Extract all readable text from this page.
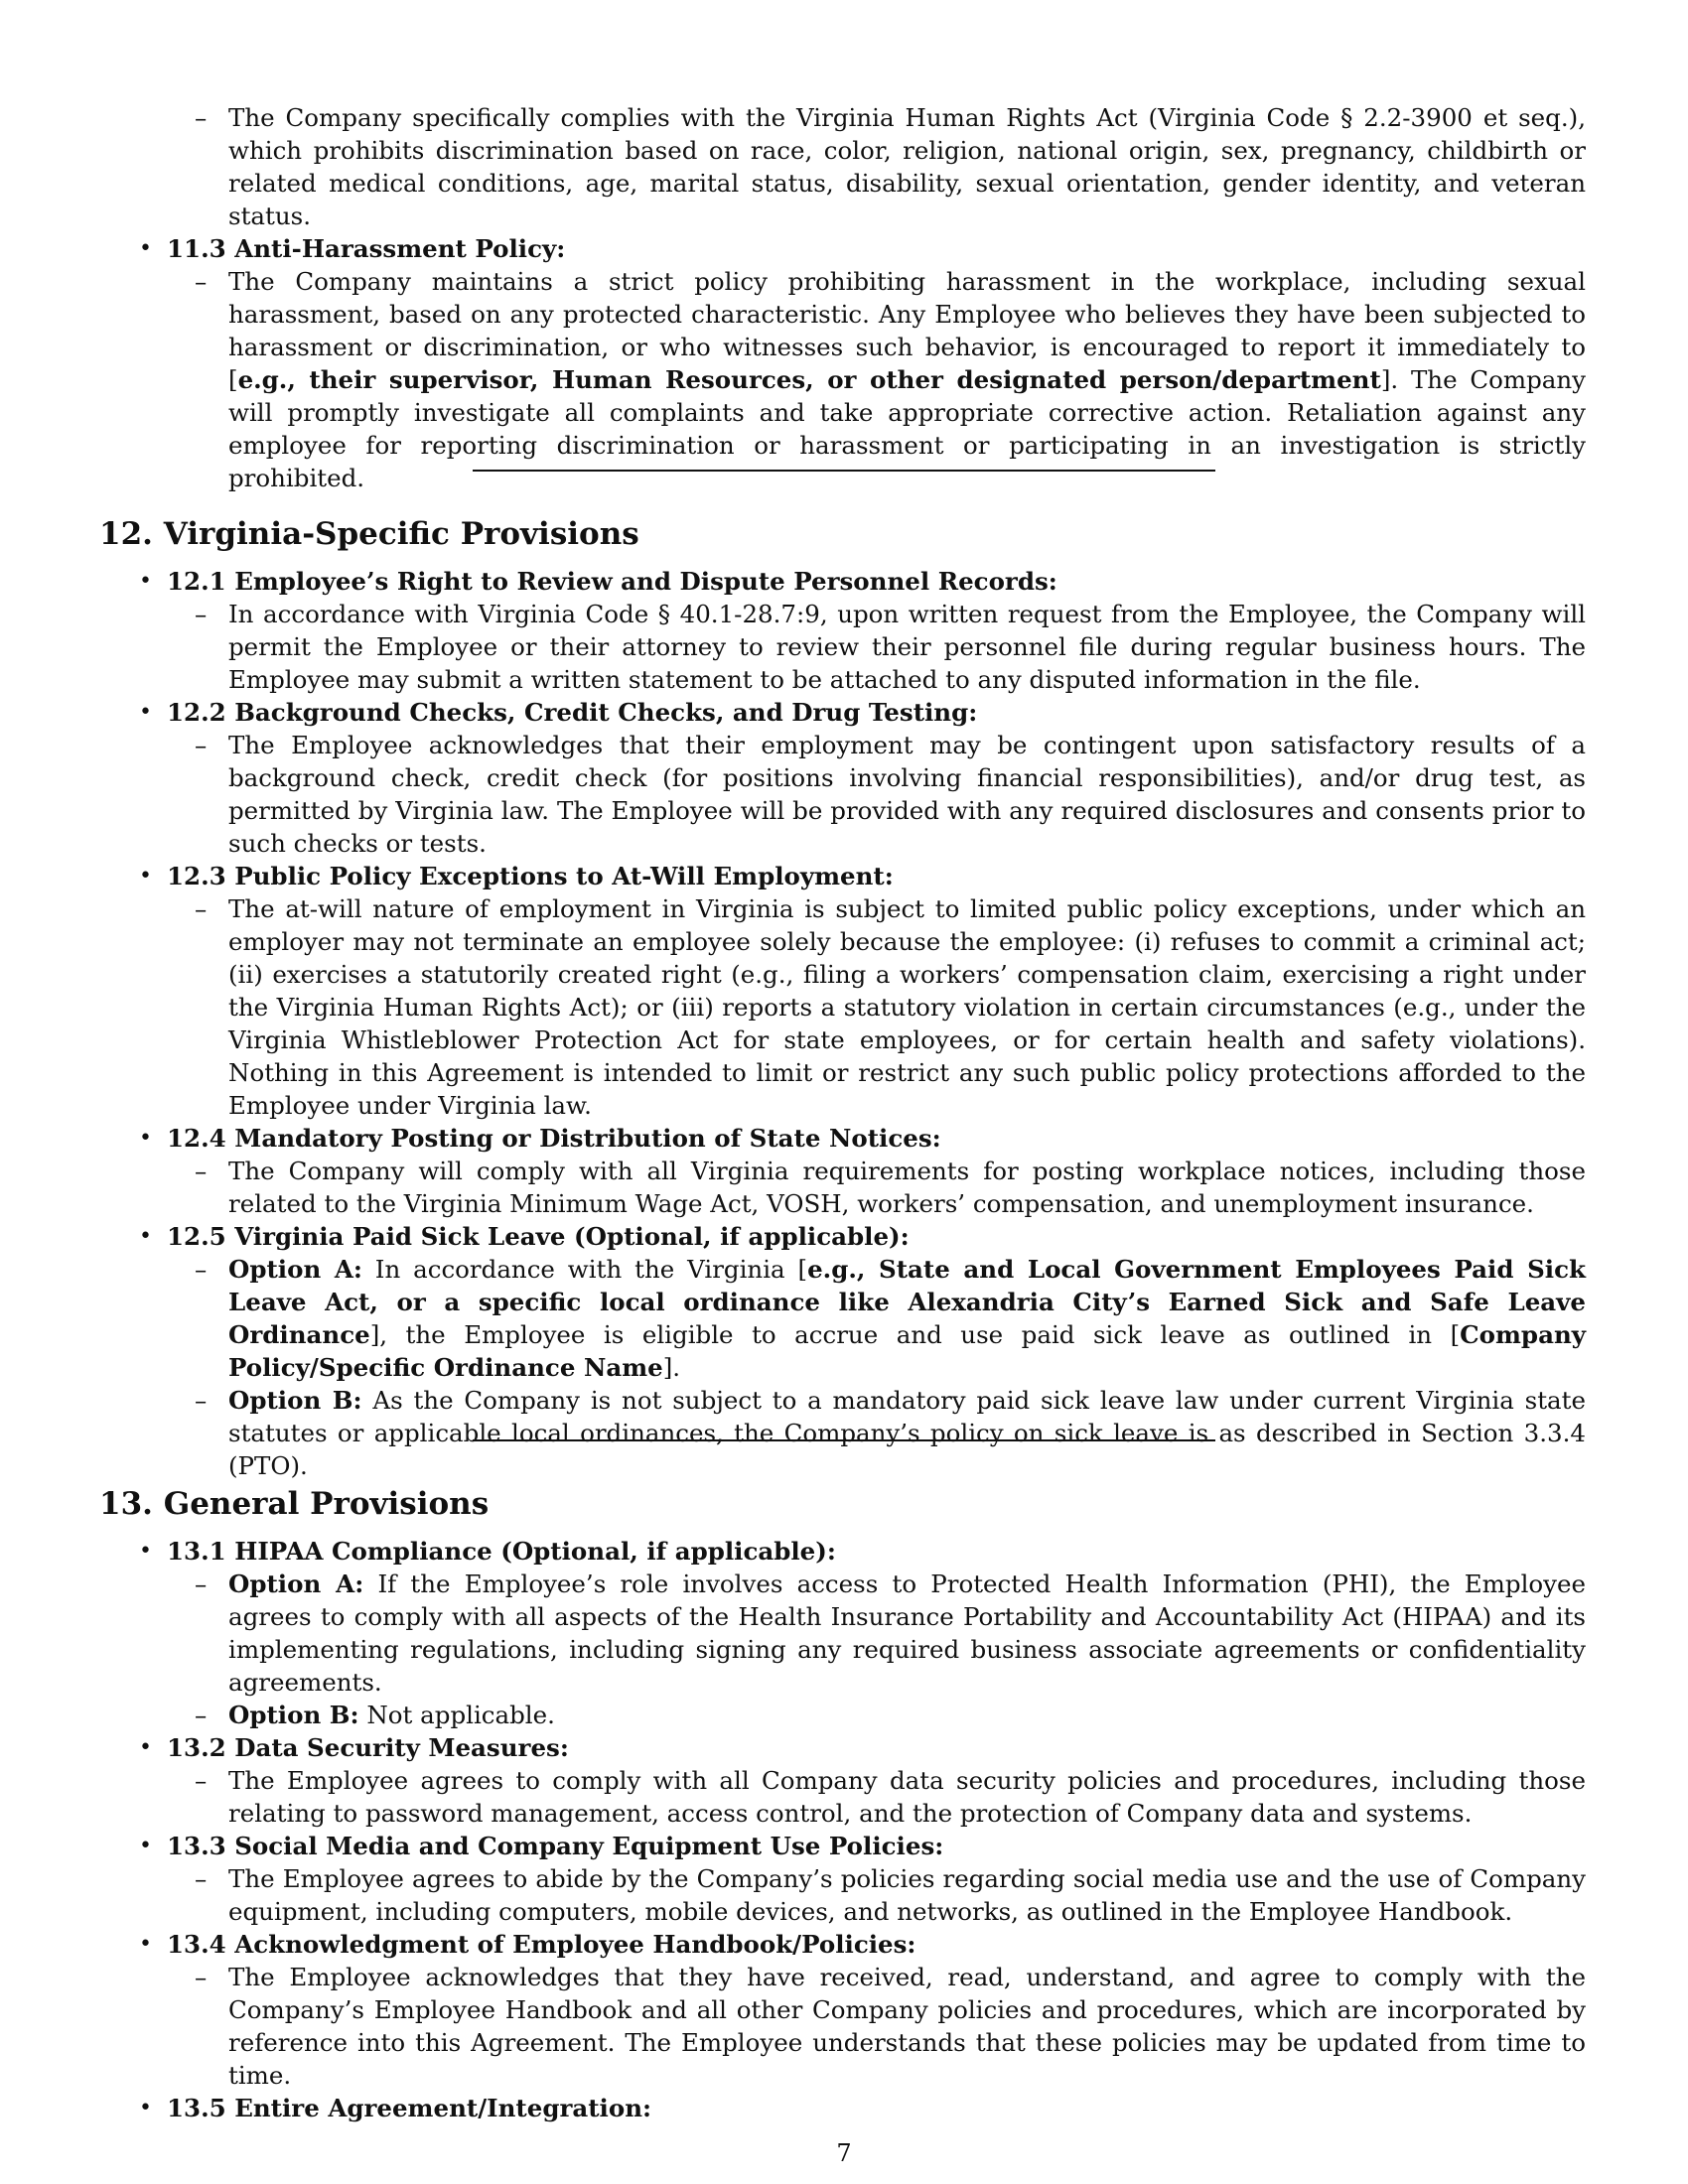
– The Company specifically complies with the Virginia Human Rights Act (Virginia Code § 2.2-3900 et seq.), which prohibits discrimination based on race, color, religion, national origin, sex, pregnancy, childbirth or related medical conditions, age, marital status, disability, sexual orientation, gender identity, and veteran status.
• 11.3 Anti-Harassment Policy:
– The Company maintains a strict policy prohibiting harassment in the workplace, including sexual harassment, based on any protected characteristic. Any Employee who believes they have been subjected to harassment or discrimination, or who witnesses such behavior, is encouraged to report it immediately to [e.g., their supervisor, Human Resources, or other designated person/department]. The Company will promptly investigate all complaints and take appropriate corrective action. Retaliation against any employee for reporting discrimination or harassment or participating in an investigation is strictly prohibited.
12. Virginia-Specific Provisions
• 12.1 Employee’s Right to Review and Dispute Personnel Records:
– In accordance with Virginia Code § 40.1-28.7:9, upon written request from the Employee, the Company will permit the Employee or their attorney to review their personnel file during regular business hours. The Employee may submit a written statement to be attached to any disputed information in the file.
• 12.2 Background Checks, Credit Checks, and Drug Testing:
– The Employee acknowledges that their employment may be contingent upon satisfactory results of a background check, credit check (for positions involving financial responsibilities), and/or drug test, as permitted by Virginia law. The Employee will be provided with any required disclosures and consents prior to such checks or tests.
• 12.3 Public Policy Exceptions to At-Will Employment:
– The at-will nature of employment in Virginia is subject to limited public policy exceptions, under which an employer may not terminate an employee solely because the employee: (i) refuses to commit a criminal act; (ii) exercises a statutorily created right (e.g., filing a workers’ compensation claim, exercising a right under the Virginia Human Rights Act); or (iii) reports a statutory violation in certain circumstances (e.g., under the Virginia Whistleblower Protection Act for state employees, or for certain health and safety violations). Nothing in this Agreement is intended to limit or restrict any such public policy protections afforded to the Employee under Virginia law.
• 12.4 Mandatory Posting or Distribution of State Notices:
– The Company will comply with all Virginia requirements for posting workplace notices, including those related to the Virginia Minimum Wage Act, VOSH, workers’ compensation, and unemployment insurance.
• 12.5 Virginia Paid Sick Leave (Optional, if applicable):
– Option A: In accordance with the Virginia [e.g., State and Local Government Employees Paid Sick Leave Act, or a specific local ordinance like Alexandria City’s Earned Sick and Safe Leave Ordinance], the Employee is eligible to accrue and use paid sick leave as outlined in [Company Policy/Specific Ordinance Name].
– Option B: As the Company is not subject to a mandatory paid sick leave law under current Virginia state statutes or applicable local ordinances, the Company’s policy on sick leave is as described in Section 3.3.4 (PTO).
13. General Provisions
• 13.1 HIPAA Compliance (Optional, if applicable):
– Option A: If the Employee’s role involves access to Protected Health Information (PHI), the Employee agrees to comply with all aspects of the Health Insurance Portability and Accountability Act (HIPAA) and its implementing regulations, including signing any required business associate agreements or confidentiality agreements.
– Option B: Not applicable.
• 13.2 Data Security Measures:
– The Employee agrees to comply with all Company data security policies and procedures, including those relating to password management, access control, and the protection of Company data and systems.
• 13.3 Social Media and Company Equipment Use Policies:
– The Employee agrees to abide by the Company’s policies regarding social media use and the use of Company equipment, including computers, mobile devices, and networks, as outlined in the Employee Handbook.
• 13.4 Acknowledgment of Employee Handbook/Policies:
– The Employee acknowledges that they have received, read, understand, and agree to comply with the Company’s Employee Handbook and all other Company policies and procedures, which are incorporated by reference into this Agreement. The Employee understands that these policies may be updated from time to time.
• 13.5 Entire Agreement/Integration:
7
